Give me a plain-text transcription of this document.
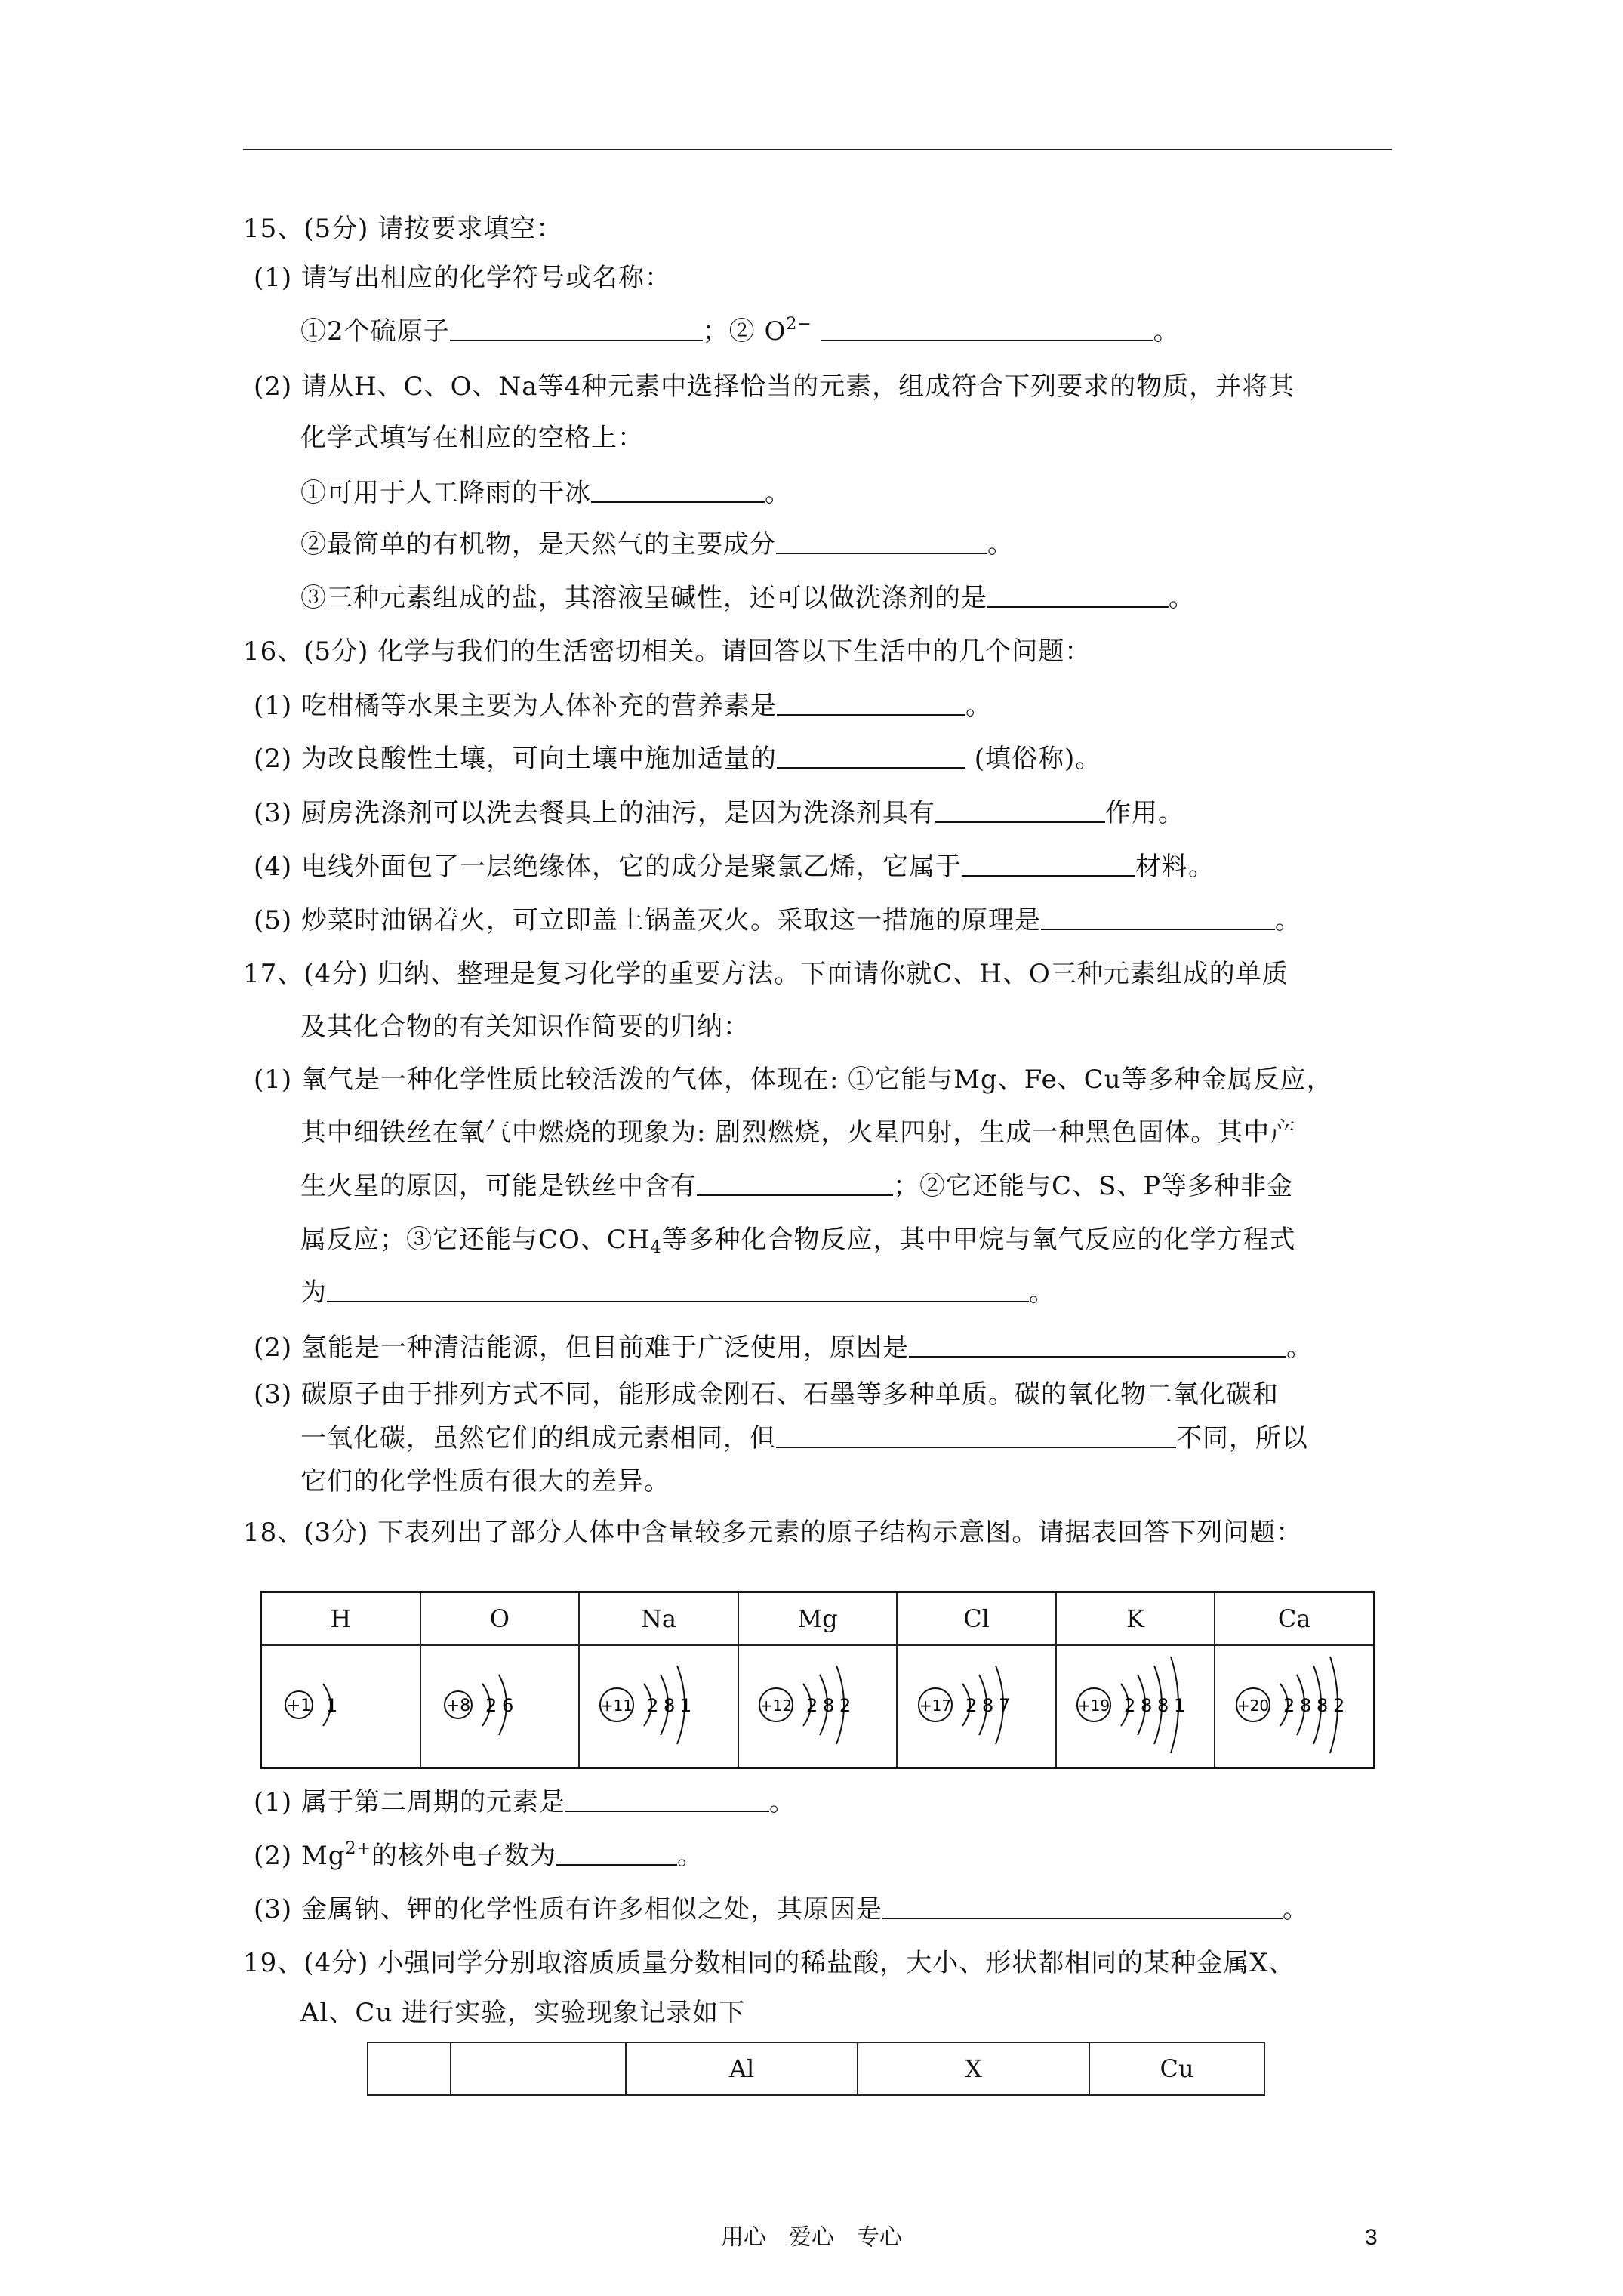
15、(5分) 请按要求填空：
(1) 请写出相应的化学符号或名称：
①2个硫原子	；② $O^{2-}$	。
(2) 请从H、C、O、Na等4种元素中选择恰当的元素，组成符合下列要求的物质，并将其
化学式填写在相应的空格上：
①可用于人工降雨的干冰	。
②最简单的有机物，是天然气的主要成分	。
③三种元素组成的盐，其溶液呈碱性，还可以做洗涤剂的是	。
16、(5分) 化学与我们的生活密切相关。请回答以下生活中的几个问题：
(1) 吃柑橘等水果主要为人体补充的营养素是	。
(2) 为改良酸性土壤，可向土壤中施加适量的	(填俗称)。
(3) 厨房洗涤剂可以洗去餐具上的油污，是因为洗涤剂具有	作用。
(4) 电线外面包了一层绝缘体，它的成分是聚氯乙烯，它属于	材料。
(5) 炒菜时油锅着火，可立即盖上锅盖灭火。采取这一措施的原理是	。
17、(4分) 归纳、整理是复习化学的重要方法。下面请你就C、H、O三种元素组成的单质
及其化合物的有关知识作简要的归纳：
(1) 氧气是一种化学性质比较活泼的气体，体现在: ①它能与Mg、Fe、Cu等多种金属反应，
其中细铁丝在氧气中燃烧的现象为: 剧烈燃烧，火星四射，生成一种黑色固体。其中产
生火星的原因，可能是铁丝中含有	；②它还能与C、S、P等多种非金
属反应；③它还能与CO、$CH_4$等多种化合物反应，其中甲烷与氧气反应的化学方程式
为	。
(2) 氢能是一种清洁能源，但目前难于广泛使用，原因是	。
(3) 碳原子由于排列方式不同，能形成金刚石、石墨等多种单质。碳的氧化物二氧化碳和
一氧化碳，虽然它们的组成元素相同，但	不同，所以
它们的化学性质有很大的差异。
18、(3分) 下表列出了部分人体中含量较多元素的原子结构示意图。请据表回答下列问题：
H	O	Na	Mg	Cl	K	Ca

+1 1	+8 2 6	+11 2 8 1	+12 2 8 2	+17 2 8 7	+19 2 8 8 1	+20 2 8 8 2
(1) 属于第二周期的元素是	。
(2) $Mg^{2+}$的核外电子数为	。
(3) 金属钠、钾的化学性质有许多相似之处，其原因是	。
19、(4分) 小强同学分别取溶质质量分数相同的稀盐酸，大小、形状都相同的某种金属X、
Al、Cu 进行实验，实验现象记录如下
		Al	X	Cu
用心　爱心　专心	3
